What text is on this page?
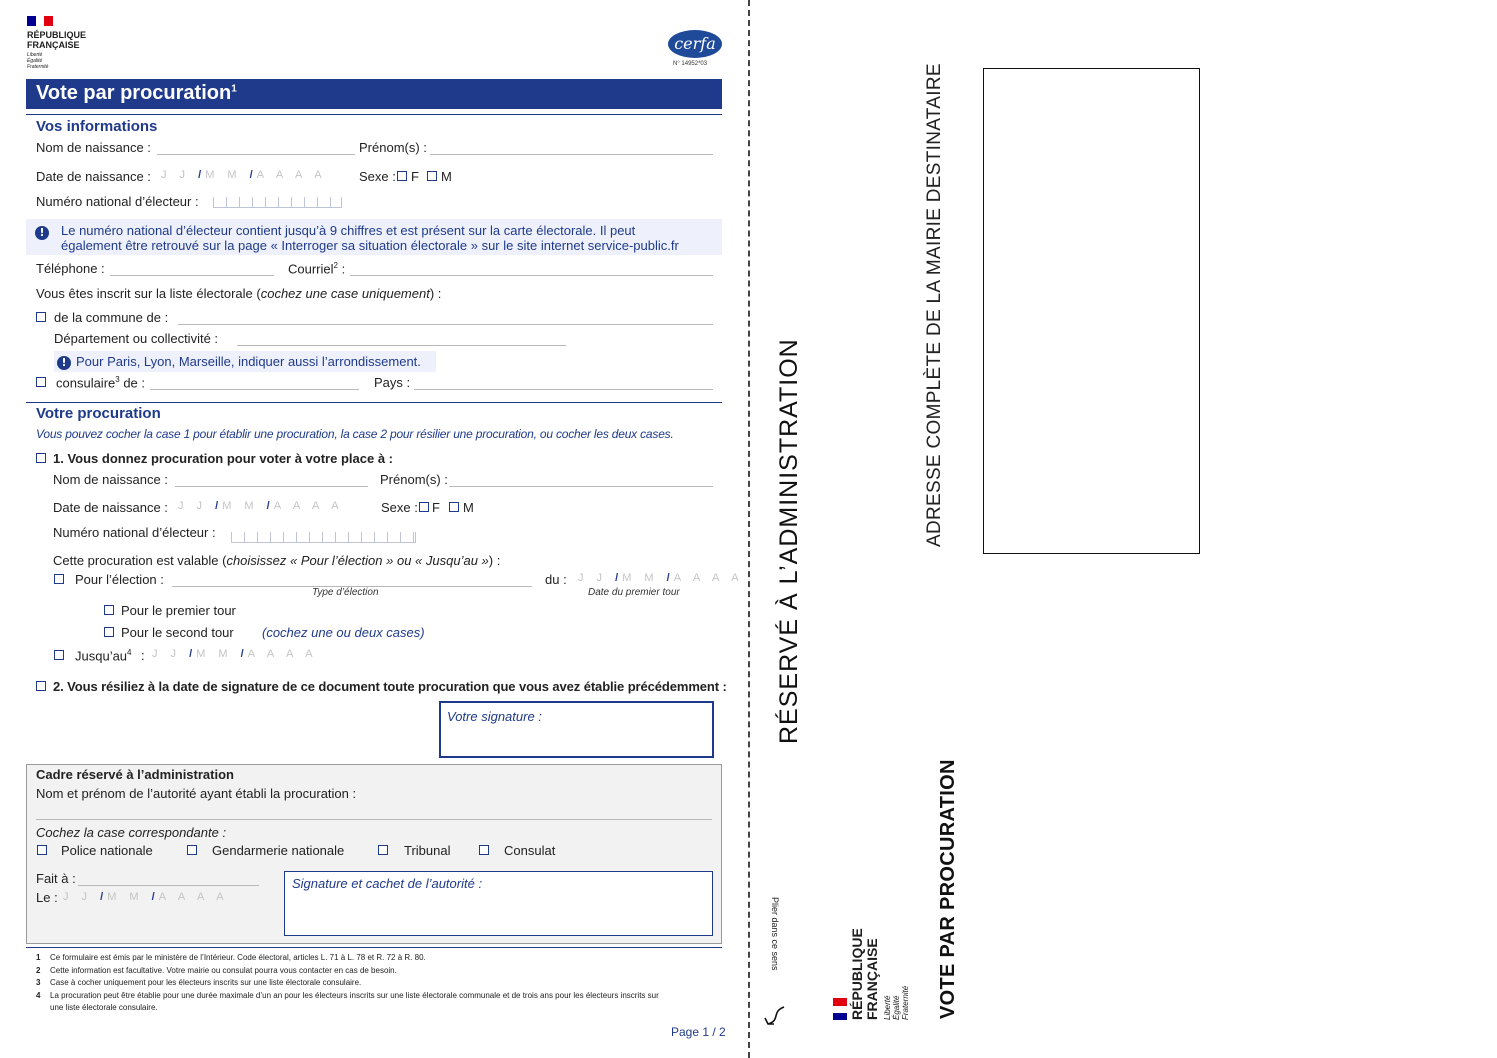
RÉPUBLIQUE
FRANÇAISE
Liberté
Égalité
Fraternité
cerfa
N° 14952*03
Vote par procuration$^1$
Vos informations
Nom de naissance :	Prénom(s) :
Date de naissance : J J /M M /A A A A Sexe : F M
Numéro national d’électeur :
!	Le numéro national d’électeur contient jusqu’à 9 chiffres et est présent sur la carte électorale. Il peut
également être retrouvé sur la page « Interroger sa situation électorale » sur le site internet service-public.fr
Téléphone :	Courriel$^2$ :
Vous êtes inscrit sur la liste électorale (cochez une case uniquement) :
de la commune de :
Département ou collectivité :
! Pour Paris, Lyon, Marseille, indiquer aussi l’arrondissement.
consulaire$^3$ de :	Pays :
Votre procuration
Vous pouvez cocher la case 1 pour établir une procuration, la case 2 pour résilier une procuration, ou cocher les deux cases.
1. Vous donnez procuration pour voter à votre place à :
Nom de naissance :	Prénom(s) :
Date de naissance : J J /M M /A A A A	Sexe : F M
Numéro national d’électeur :
Cette procuration est valable (choisissez « Pour l’élection » ou « Jusqu’au ») :
Pour l’élection :
Type d’élection
du : J J /M M /A A A A
Date du premier tour
Pour le premier tour
Pour le second tour (cochez une ou deux cases)
$Jusqu’au^4$ : J J /M M /A A A A
2. Vous résiliez à la date de signature de ce document toute procuration que vous avez établie précédemment :
Votre signature :
Cadre réservé à l’administration
Nom et prénom de l’autorité ayant établi la procuration :
Cochez la case correspondante :
Police nationale	Gendarmerie nationale	Tribunal	Consulat
Fait à :
Le : J J /M M /A A A A
Signature et cachet de l’autorité :
1 Ce formulaire est émis par le ministère de l’Intérieur. Code électoral, articles L. 71 à L. 78 et R. 72 à R. 80.
2 Cette information est facultative. Votre mairie ou consulat pourra vous contacter en cas de besoin.
3 Case à cocher uniquement pour les électeurs inscrits sur une liste électorale consulaire.
4 La procuration peut être établie pour une durée maximale d’un an pour les électeurs inscrits sur une liste électorale communale et de trois ans pour les électeurs inscrits sur
une liste électorale consulaire.
Page 1 / 2
RÉSERVÉ À L’ADMINISTRATION	ADRESSE COMPLÈTE DE LA MAIRIE DESTINATAIRE
Plier dans ce sens	RÉPUBLIQUE FRANÇAISE Liberté Égalité Fraternité VOTE PAR PROCURATION
